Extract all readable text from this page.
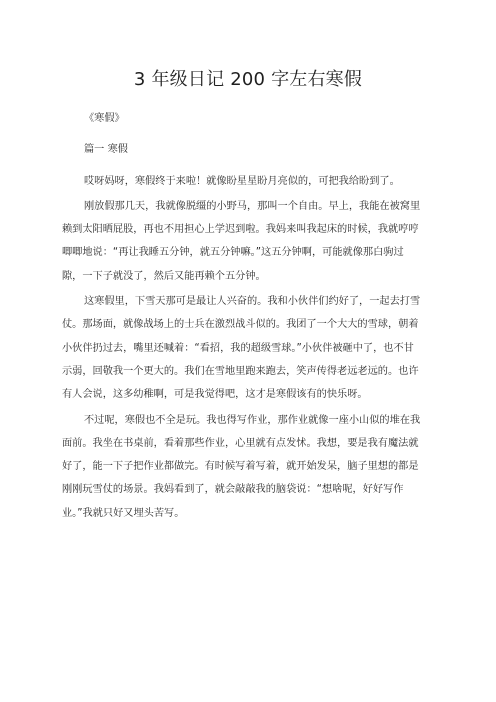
3 年级日记 200 字左右寒假
《寒假》
篇一 寒假
哎呀妈呀，寒假终于来啦！就像盼星星盼月亮似的，可把我给盼到了。
刚放假那几天，我就像脱缰的小野马，那叫一个自由。早上，我能在被窝里赖到太阳晒屁股，再也不用担心上学迟到啦。我妈来叫我起床的时候，我就哼哼唧唧地说：“再让我睡五分钟，就五分钟嘛。”这五分钟啊，可能就像那白驹过隙，一下子就没了，然后又能再赖个五分钟。
这寒假里，下雪天那可是最让人兴奋的。我和小伙伴们约好了，一起去打雪仗。那场面，就像战场上的士兵在激烈战斗似的。我团了一个大大的雪球，朝着小伙伴扔过去，嘴里还喊着：“看招，我的超级雪球。”小伙伴被砸中了，也不甘示弱，回敬我一个更大的。我们在雪地里跑来跑去，笑声传得老远老远的。也许有人会说，这多幼稚啊，可是我觉得吧，这才是寒假该有的快乐呀。
不过呢，寒假也不全是玩。我也得写作业，那作业就像一座小山似的堆在我面前。我坐在书桌前，看着那些作业，心里就有点发怵。我想，要是我有魔法就好了，能一下子把作业都做完。有时候写着写着，就开始发呆，脑子里想的都是刚刚玩雪仗的场景。我妈看到了，就会敲敲我的脑袋说：“想啥呢，好好写作业。”我就只好又埋头苦写。
